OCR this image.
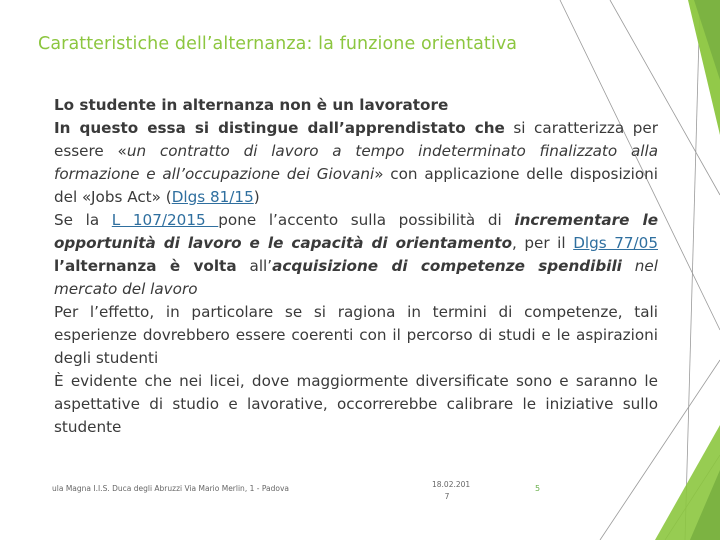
Caratteristiche dell’alternanza: la funzione orientativa

Lo studente in alternanza non è un lavoratore

In questo essa si distingue dall’apprendistato che si caratterizza per essere «un contratto di lavoro a tempo indeterminato finalizzato alla formazione e all’occupazione dei Giovani» con applicazione delle disposizioni del «Jobs Act» (Dlgs 81/15)

Se la L 107/2015 pone l’accento sulla possibilità di incrementare le opportunità di lavoro e le capacità di orientamento, per il Dlgs 77/05 l’alternanza è volta all’acquisizione di competenze spendibili nel mercato del lavoro

Per l’effetto, in particolare se si ragiona in termini di competenze, tali esperienze dovrebbero essere coerenti con il percorso di studi e le aspirazioni degli studenti

È evidente che nei licei, dove maggiormente diversificate sono e saranno le aspettative di studio e lavorative, occorrerebbe calibrare le iniziative sullo studente

ula Magna I.I.S. Duca degli Abruzzi Via Mario Merlin, 1 - Padova	18.02.201
7
5
